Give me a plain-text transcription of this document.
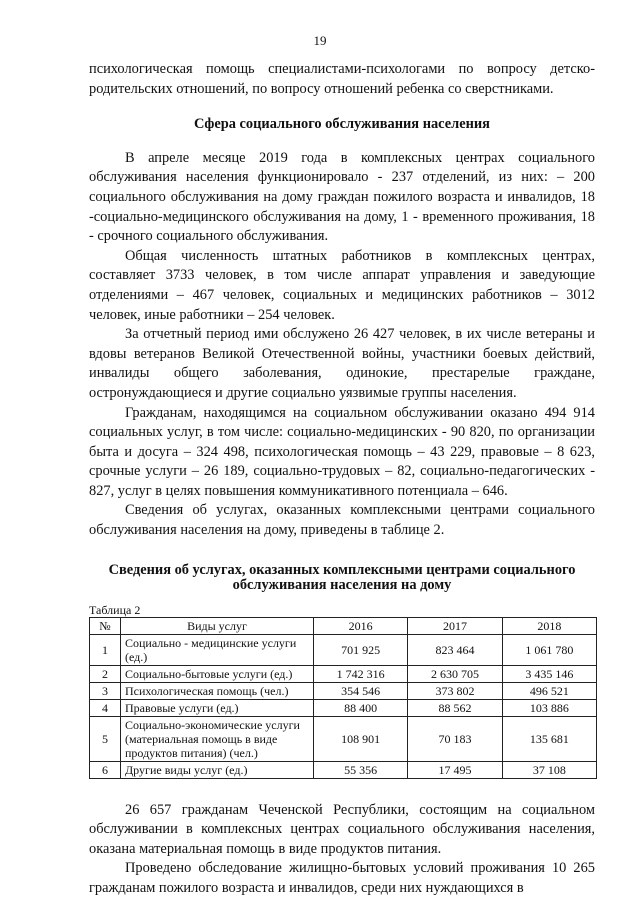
19

психологическая помощь специалистами-психологами по вопросу детско-родительских отношений, по вопросу отношений ребенка со сверстниками.

Сфера социального обслуживания населения

В апреле месяце 2019 года в комплексных центрах социального обслуживания населения функционировало - 237 отделений, из них: – 200 социального обслуживания на дому граждан пожилого возраста и инвалидов, 18 -социально-медицинского обслуживания на дому, 1 - временного проживания, 18 - срочного социального обслуживания.

Общая численность штатных работников в комплексных центрах, составляет 3733 человек, в том числе аппарат управления и заведующие отделениями – 467 человек, социальных и медицинских работников – 3012 человек, иные работники – 254 человек.

За отчетный период ими обслужено 26 427 человек, в их числе ветераны и вдовы ветеранов Великой Отечественной войны, участники боевых действий, инвалиды общего заболевания, одинокие, престарелые граждане, остронуждающиеся и другие социально уязвимые группы населения.

Гражданам, находящимся на социальном обслуживании оказано 494 914 социальных услуг, в том числе: социально-медицинских - 90 820, по организации быта и досуга – 324 498, психологическая помощь – 43 229, правовые – 8 623, срочные услуги – 26 189, социально-трудовых – 82, социально-педагогических - 827, услуг в целях повышения коммуникативного потенциала – 646.

Сведения об услугах, оказанных комплексными центрами социального обслуживания населения на дому, приведены в таблице 2.

Сведения об услугах, оказанных комплексными центрами социального обслуживания населения на дому
Таблица 2
№	Виды услуг	2016	2017	2018
1	Социально - медицинские услуги (ед.)	701 925	823 464	1 061 780
2	Социально-бытовые услуги (ед.)	1 742 316	2 630 705	3 435 146
3	Психологическая помощь (чел.)	354 546	373 802	496 521
4	Правовые услуги (ед.)	88 400	88 562	103 886
5	Социально-экономические услуги (материальная помощь в виде продуктов питания) (чел.)	108 901	70 183	135 681
6	Другие виды услуг (ед.)	55 356	17 495	37 108

26 657 гражданам Чеченской Республики, состоящим на социальном обслуживании в комплексных центрах социального обслуживания населения, оказана материальная помощь в виде продуктов питания.

Проведено обследование жилищно-бытовых условий проживания 10 265 гражданам пожилого возраста и инвалидов, среди них нуждающихся в
